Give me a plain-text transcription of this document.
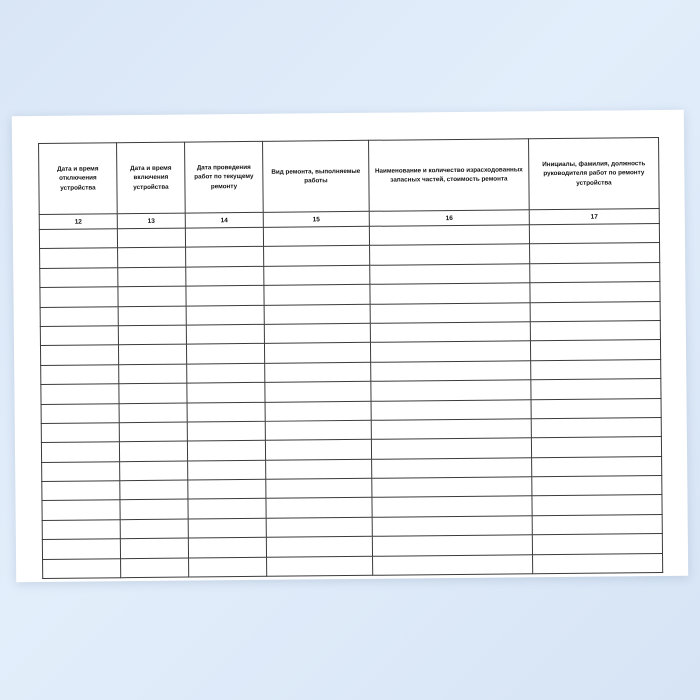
Дата и время отключения устройства	Дата и время включения устройства	Дата проведения работ по текущему ремонту	Вид ремонта, выполняемые работы	Наименование и количество израсходованных запасных частей, стоимость ремонта	Инициалы, фамилия, должность руководителя работ по ремонту устройства
12	13	14	15	16	17
